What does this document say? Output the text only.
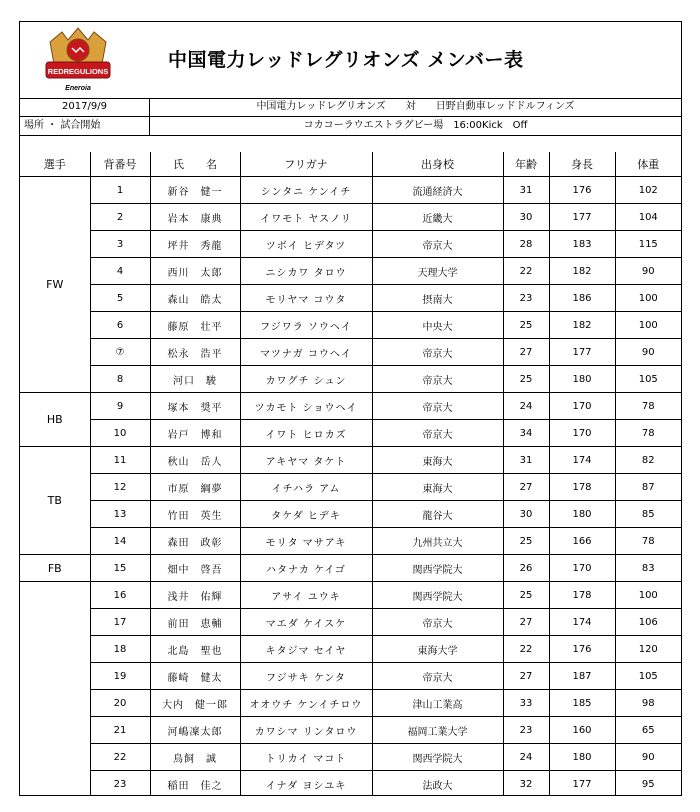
REDREGULIONS
Eneroia
中国電力レッドレグリオンズ メンバー表
2017/9/9	中国電力レッドレグリオンズ　　対　　日野自動車レッドドルフィンズ
場所 ・ 試合開始	コカコーラウエストラグビー場　16:00Kick　Off
選手	背番号	氏　　名	フリガナ	出身校	年齢	身長	体重
FW	1	新谷　健一	シンタニ ケンイチ	流通経済大	31	176	102
	2	岩本　康典	イワモト ヤスノリ	近畿大	30	177	104
	3	坪井　秀龍	ツボイ ヒデタツ	帝京大	28	183	115
	4	西川　太郎	ニシカワ タロウ	天理大学	22	182	90
	5	森山　皓太	モリヤマ コウタ	摂南大	23	186	100
	6	藤原　壮平	フジワラ ソウヘイ	中央大	25	182	100
	⑦	松永　浩平	マツナガ コウヘイ	帝京大	27	177	90
	8	河口　駿	カワグチ シュン	帝京大	25	180	105
HB	9	塚本　奨平	ツカモト ショウヘイ	帝京大	24	170	78
	10	岩戸　博和	イワト ヒロカズ	帝京大	34	170	78
TB	11	秋山　岳人	アキヤマ タケト	東海大	31	174	82
	12	市原　綱夢	イチハラ アム	東海大	27	178	87
	13	竹田　英生	タケダ ヒデキ	龍谷大	30	180	85
	14	森田　政彰	モリタ マサアキ	九州共立大	25	166	78
FB	15	畑中　啓吾	ハタナカ ケイゴ	関西学院大	26	170	83
	16	浅井　佑輝	アサイ ユウキ	関西学院大	25	178	100
	17	前田　恵輔	マエダ ケイスケ	帝京大	27	174	106
	18	北島　聖也	キタジマ セイヤ	東海大学	22	176	120
	19	藤崎　健太	フジサキ ケンタ	帝京大	27	187	105
	20	大内　健一郎	オオウチ ケンイチロウ	津山工業高	33	185	98
	21	河嶋凜太郎	カワシマ リンタロウ	福岡工業大学	23	160	65
	22	鳥飼　誠	トリカイ マコト	関西学院大	24	180	90
	23	稲田　佳之	イナダ ヨシユキ	法政大	32	177	95
